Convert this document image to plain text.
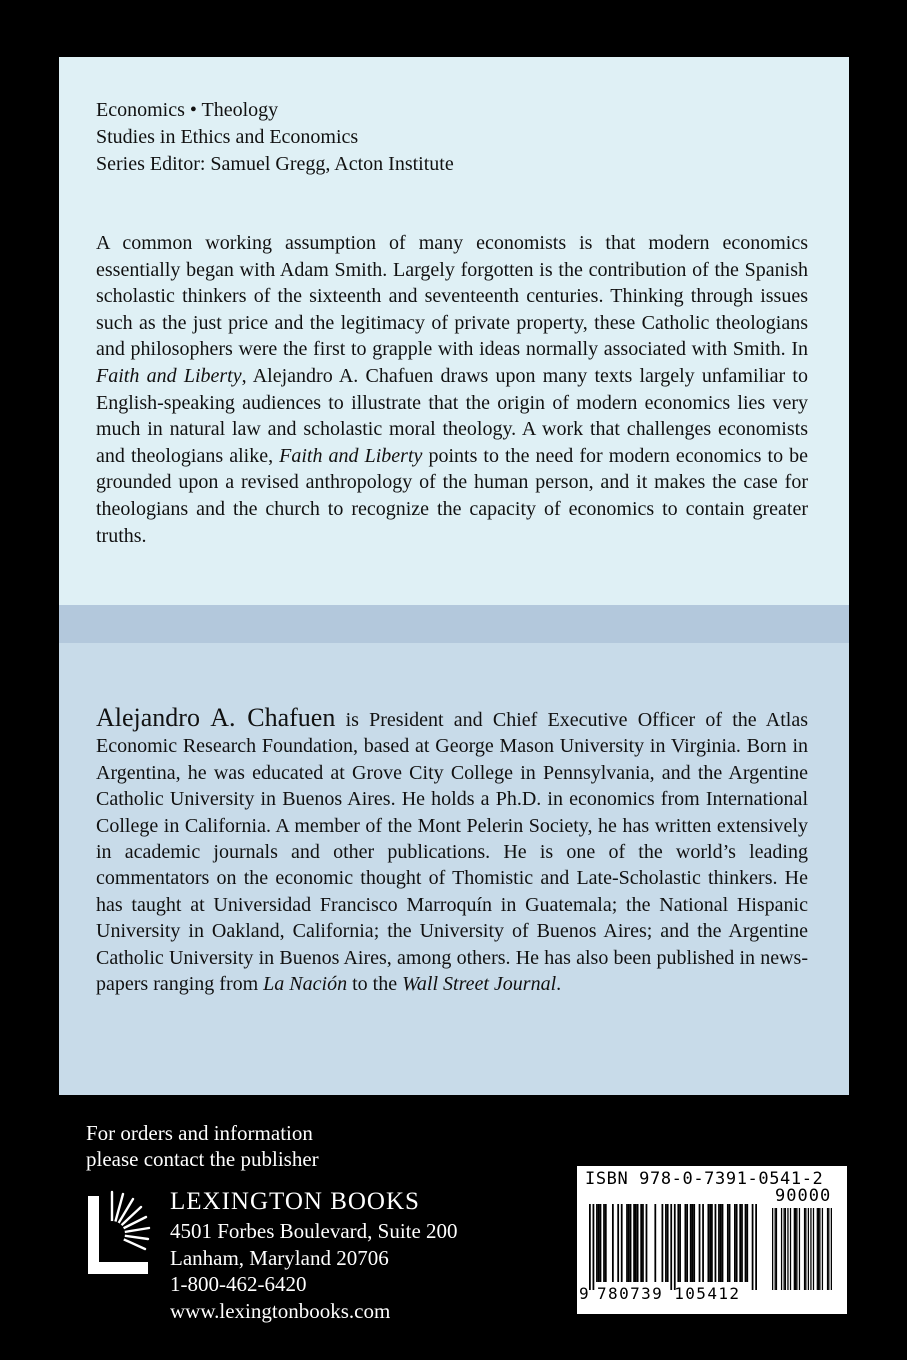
Economics • Theology
Studies in Ethics and Economics
Series Editor: Samuel Gregg, Acton Institute
A common working assumption of many economists is that modern economics essentially began with Adam Smith. Largely forgotten is the contribution of the Spanish scholastic thinkers of the sixteenth and seventeenth centuries. Thinking through issues such as the just price and the legitimacy of private property, these Catholic theologians and philosophers were the first to grapple with ideas normally associated with Smith. In Faith and Liberty, Alejandro A. Chafuen draws upon many texts largely unfamiliar to English-speaking audiences to illustrate that the origin of modern economics lies very much in natural law and scholastic moral theology. A work that challenges economists and theologians alike, Faith and Liberty points to the need for modern economics to be grounded upon a revised anthropology of the human person, and it makes the case for theologians and the church to recognize the capacity of economics to contain greater truths.
Alejandro A. Chafuen is President and Chief Executive Officer of the Atlas Economic Research Foundation, based at George Mason University in Virginia. Born in Argentina, he was educated at Grove City College in Pennsylvania, and the Argentine Catholic University in Buenos Aires. He holds a Ph.D. in economics from International College in California. A member of the Mont Pelerin Society, he has written extensively in academic journals and other publications. He is one of the world’s leading commentators on the economic thought of Thomistic and Late-Scholastic thinkers. He has taught at Universidad Francisco Marroquín in Guatemala; the National Hispanic University in Oakland, California; the University of Buenos Aires; and the Argentine Catholic University in Buenos Aires, among others. He has also been published in newspapers ranging from La Nación to the Wall Street Journal.
For orders and information
please contact the publisher
LEXINGTON BOOKS
4501 Forbes Boulevard, Suite 200
Lanham, Maryland 20706
1-800-462-6420
www.lexingtonbooks.com
ISBN 978-0-7391-0541-2
90000
9 780739 105412
